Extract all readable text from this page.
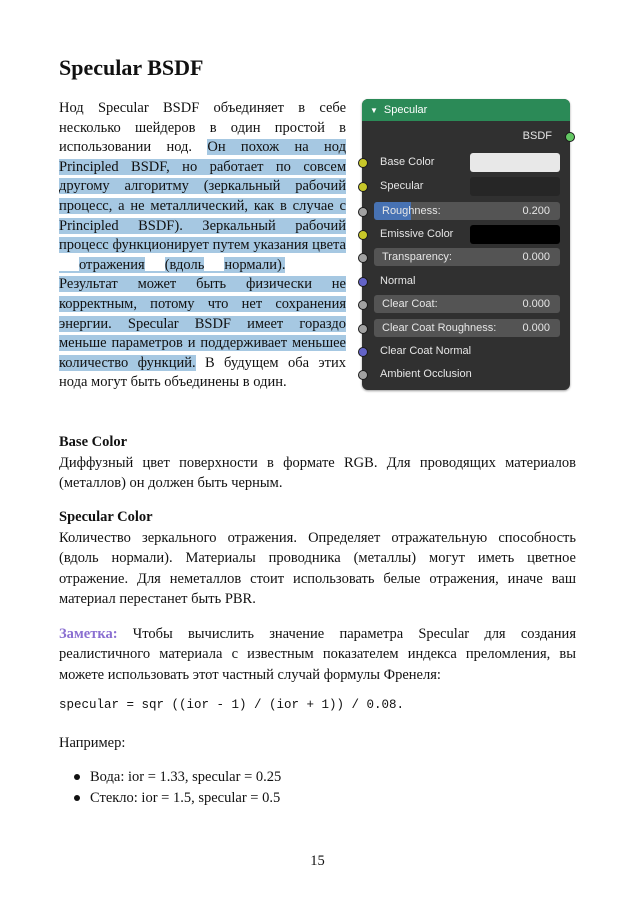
Specular BSDF

Нод Specular BSDF объединяет в себе несколько шейдеров в один простой в использовании нод. Он похож на нод Principled BSDF, но работает по совсем другому алгоритму (зеркальный рабочий процесс, а не металлический, как в случае с Principled BSDF). Зеркальный рабочий процесс функционирует путем указания цветаотражения (вдоль нормали). Результат может быть физически не корректным, потому что нет сохранения энергии. Specular BSDF имеет гораздо меньше параметров и поддерживает меньшее количество функций. В будущем оба этих нода могут быть объединены в один.

▼ Specular
BSDF
Base Color
Specular
Roughness:	0.200
Emissive Color
Transparency:	0.000
Normal
Clear Coat:	0.000
Clear Coat Roughness: 0.000
Clear Coat Normal
Ambient Occlusion
Base Color

Диффузный цвет поверхности в формате RGB. Для проводящих материалов (металлов) он должен быть черным.

Specular Color

Количество зеркального отражения. Определяет отражательную способность (вдоль нормали). Материалы проводника (металлы) могут иметь цветное отражение. Для неметаллов стоит использовать белые отражения, иначе ваш материал перестанет быть PBR.

Заметка: Чтобы вычислить значение параметра Specular для создания реалистичного материала с известным показателем индекса преломления, вы можете использовать этот частный случай формулы Френеля:

specular = sqr ((ior - 1) / (ior + 1)) / 0.08.

Например:

Вода: ior = 1.33, specular = 0.25
Стекло: ior = 1.5, specular = 0.5

15
